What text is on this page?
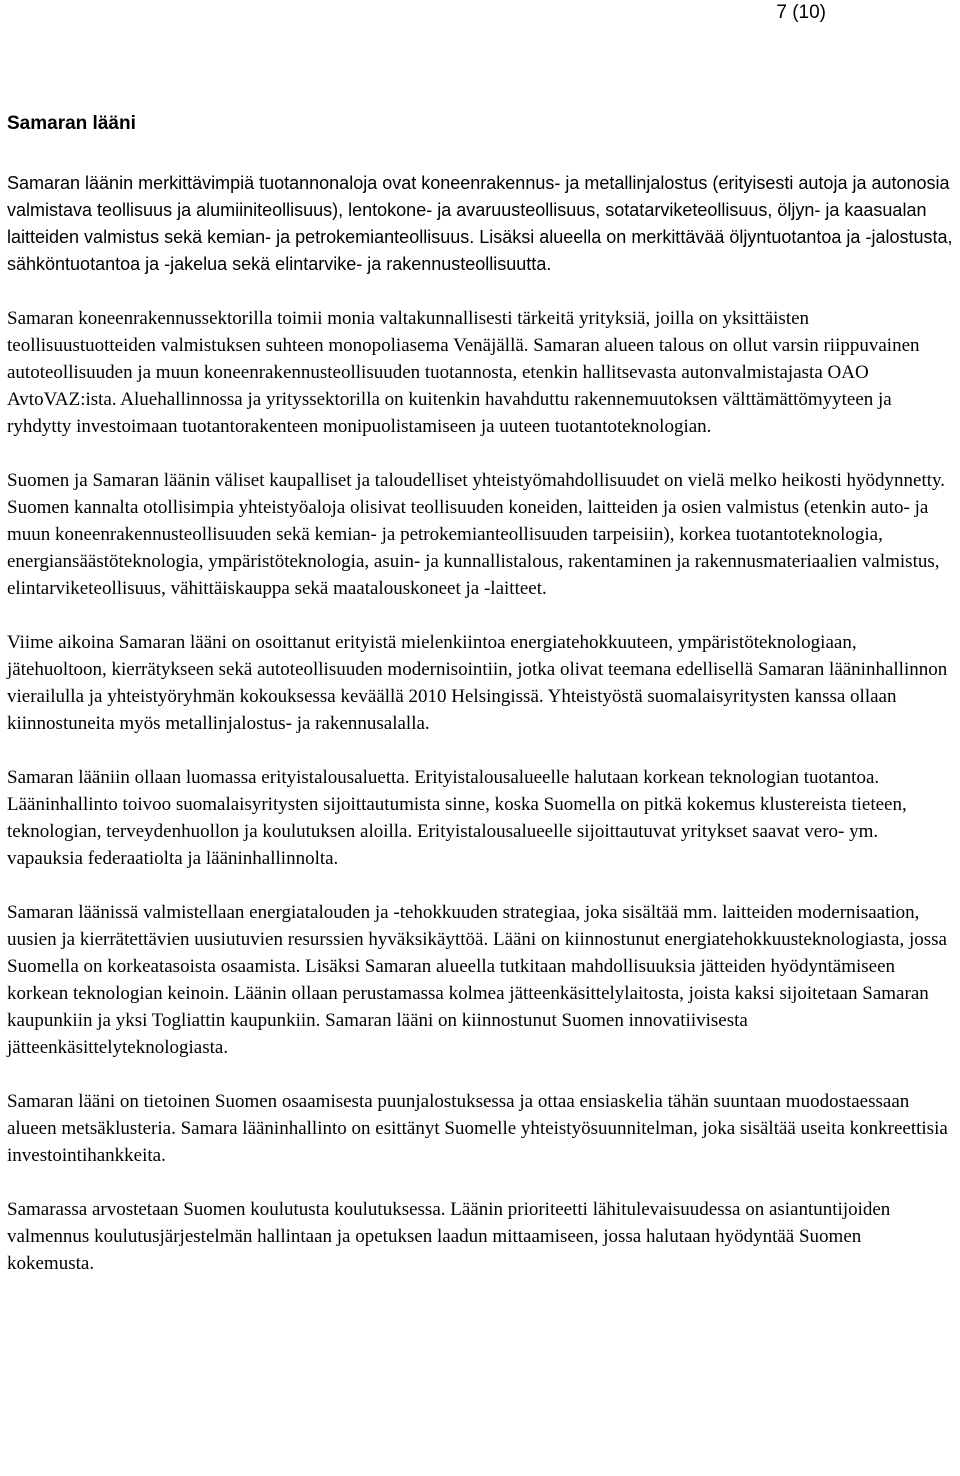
7 (10)
Samaran lääni

Samaran läänin merkittävimpiä tuotannonaloja ovat koneenrakennus- ja metallinjalostus (erityisesti autoja ja autonosia valmistava teollisuus ja alumiiniteollisuus), lentokone- ja avaruusteollisuus, sotatarviketeollisuus, öljyn- ja kaasualan laitteiden valmistus sekä kemian- ja petrokemianteollisuus. Lisäksi alueella on merkittävää öljyntuotantoa ja -jalostusta, sähköntuotantoa ja -jakelua sekä elintarvike- ja rakennusteollisuutta.

Samaran koneenrakennussektorilla toimii monia valtakunnallisesti tärkeitä yrityksiä, joilla on yksittäisten teollisuustuotteiden valmistuksen suhteen monopoliasema Venäjällä. Samaran alueen talous on ollut varsin riippuvainen autoteollisuuden ja muun koneenrakennusteollisuuden tuotannosta, etenkin hallitsevasta autonvalmistajasta OAO AvtoVAZ:ista. Aluehallinnossa ja yrityssektorilla on kuitenkin havahduttu rakennemuutoksen välttämättömyyteen ja ryhdytty investoimaan tuotantorakenteen monipuolistamiseen ja uuteen tuotantoteknologian.

Suomen ja Samaran läänin väliset kaupalliset ja taloudelliset yhteistyömahdollisuudet on vielä melko heikosti hyödynnetty. Suomen kannalta otollisimpia yhteistyöaloja olisivat teollisuuden koneiden, laitteiden ja osien valmistus (etenkin auto- ja muun koneenrakennusteollisuuden sekä kemian- ja petrokemianteollisuuden tarpeisiin), korkea tuotantoteknologia, energiansäästöteknologia, ympäristöteknologia, asuin- ja kunnallistalous, rakentaminen ja rakennusmateriaalien valmistus, elintarviketeollisuus, vähittäiskauppa sekä maatalouskoneet ja -laitteet.

Viime aikoina Samaran lääni on osoittanut erityistä mielenkiintoa energiatehokkuuteen, ympäristöteknologiaan, jätehuoltoon, kierrätykseen sekä autoteollisuuden modernisointiin, jotka olivat teemana edellisellä Samaran lääninhallinnon vierailulla ja yhteistyöryhmän kokouksessa keväällä 2010 Helsingissä. Yhteistyöstä suomalaisyritysten kanssa ollaan kiinnostuneita myös metallinjalostus- ja rakennusalalla.

Samaran lääniin ollaan luomassa erityistalousaluetta. Erityistalousalueelle halutaan korkean teknologian tuotantoa. Lääninhallinto toivoo suomalaisyritysten sijoittautumista sinne, koska Suomella on pitkä kokemus klustereista tieteen, teknologian, terveydenhuollon ja koulutuksen aloilla. Erityistalousalueelle sijoittautuvat yritykset saavat vero- ym. vapauksia federaatiolta ja lääninhallinnolta.

Samaran läänissä valmistellaan energiatalouden ja -tehokkuuden strategiaa, joka sisältää mm. laitteiden modernisaation, uusien ja kierrätettävien uusiutuvien resurssien hyväksikäyttöä. Lääni on kiinnostunut energiatehokkuusteknologiasta, jossa Suomella on korkeatasoista osaamista. Lisäksi Samaran alueella tutkitaan mahdollisuuksia jätteiden hyödyntämiseen korkean teknologian keinoin. Läänin ollaan perustamassa kolmea jätteenkäsittelylaitosta, joista kaksi sijoitetaan Samaran kaupunkiin ja yksi Togliattin kaupunkiin. Samaran lääni on kiinnostunut Suomen innovatiivisesta jätteenkäsittelyteknologiasta.

Samaran lääni on tietoinen Suomen osaamisesta puunjalostuksessa ja ottaa ensiaskelia tähän suuntaan muodostaessaan alueen metsäklusteria. Samara lääninhallinto on esittänyt Suomelle yhteistyösuunnitelman, joka sisältää useita konkreettisia investointihankkeita.

Samarassa arvostetaan Suomen koulutusta koulutuksessa. Läänin prioriteetti lähitulevaisuudessa on asiantuntijoiden valmennus koulutusjärjestelmän hallintaan ja opetuksen laadun mittaamiseen, jossa halutaan hyödyntää Suomen kokemusta.
